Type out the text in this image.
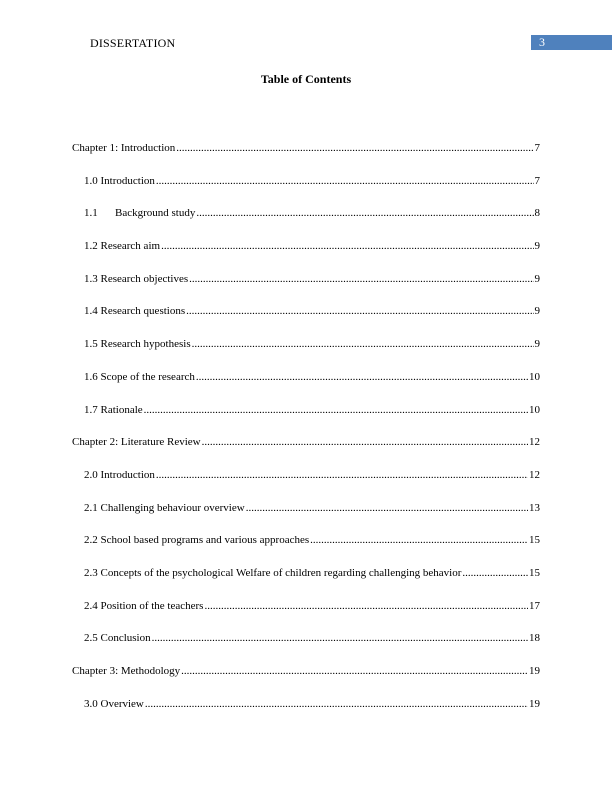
DISSERTATION	3
Table of Contents
Chapter 1: Introduction .....	7
1.0 Introduction .....	7
1.1 Background study .....	8
1.2 Research aim .....	9
1.3 Research objectives .....	9
1.4 Research questions .....	9
1.5 Research hypothesis .....	9
1.6 Scope of the research .....	10
1.7 Rationale .....	10
Chapter 2: Literature Review .....	12
2.0 Introduction .....	12
2.1 Challenging behaviour overview .....	13
2.2 School based programs and various approaches .....	15
2.3 Concepts of the psychological Welfare of children regarding challenging behavior .....	15
2.4 Position of the teachers .....	17
2.5 Conclusion .....	18
Chapter 3: Methodology .....	19
3.0 Overview .....	19
